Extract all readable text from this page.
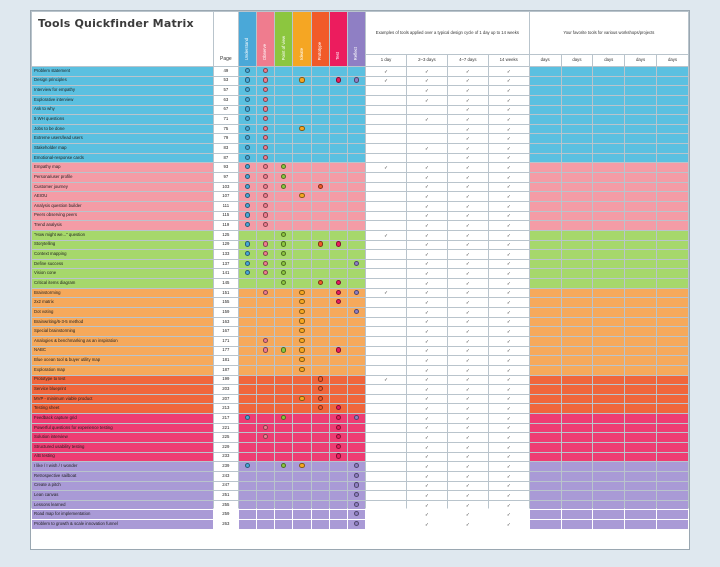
Tools Quickfinder Matrix	Page	Understand	Observe	Point of view	Ideate	Prototype	Test	Reflect	Examples of tools applied over a typical design cycle of 1 day up to 14 weeks				Your favorite tools for various workshops/projects				
									1 day	2–3 days	4–7 days	14 weeks	days	days	days	days	days
Problem statement	49								✓	✓	✓	✓					
Design principles	53								✓	✓	✓	✓					
Interview for empathy	57									✓	✓	✓					
Explorative interview	63									✓	✓	✓					
Ask to why	67										✓	✓					
5 WH questions	71									✓	✓	✓					
Jobs to be done	75										✓	✓					
Extreme users/lead users	79										✓	✓					
Stakeholder map	83									✓	✓	✓					
Emotional-response cards	87										✓	✓					
Empathy map	93								✓	✓	✓	✓					
Persona/user profile	97									✓	✓	✓					
Customer journey	103									✓	✓	✓					
AEIOU	107									✓	✓	✓					
Analysis question builder	111									✓	✓	✓					
Peers observing peers	115									✓	✓	✓					
Trend analysis	119									✓	✓	✓					
"How might we..." question	125								✓	✓	✓	✓					
Storytelling	129									✓	✓	✓					
Context mapping	133									✓	✓	✓					
Define success	137									✓	✓	✓					
Vision cone	141									✓	✓	✓					
Critical items diagram	145									✓	✓	✓					
Brainstorming	151								✓	✓	✓	✓					
2x2 matrix	155									✓	✓	✓					
Dot voting	159									✓	✓	✓					
Brainwriting/6-3-5 method	163									✓	✓	✓					
Special brainstorming	167									✓	✓	✓					
Analogies & benchmarking as an inspiration	171									✓	✓	✓					
NABC	177									✓	✓	✓					
Blue ocean tool & buyer utility map	181									✓	✓	✓					
Exploration map	187									✓	✓	✓					
Prototype to test	199								✓	✓	✓	✓					
Service blueprint	203									✓	✓	✓					
MVP - minimum viable product	207									✓	✓	✓					
Testing sheet	213									✓	✓	✓					
Feedback capture grid	217									✓	✓	✓					
Powerful questions for experience testing	221									✓	✓	✓					
Solution interview	225									✓	✓	✓					
Structured usability testing	229									✓	✓	✓					
A/B testing	233									✓	✓	✓					
I like / I wish / I wonder	239									✓	✓	✓					
Retrospective sailboat	243									✓	✓	✓					
Create a pitch	247									✓	✓	✓					
Lean canvas	251									✓	✓	✓					
Lessons learned	255									✓	✓	✓					
Road map for implementation	259									✓	✓	✓					
Problem to growth & scale innovation funnel	263									✓	✓	✓					
